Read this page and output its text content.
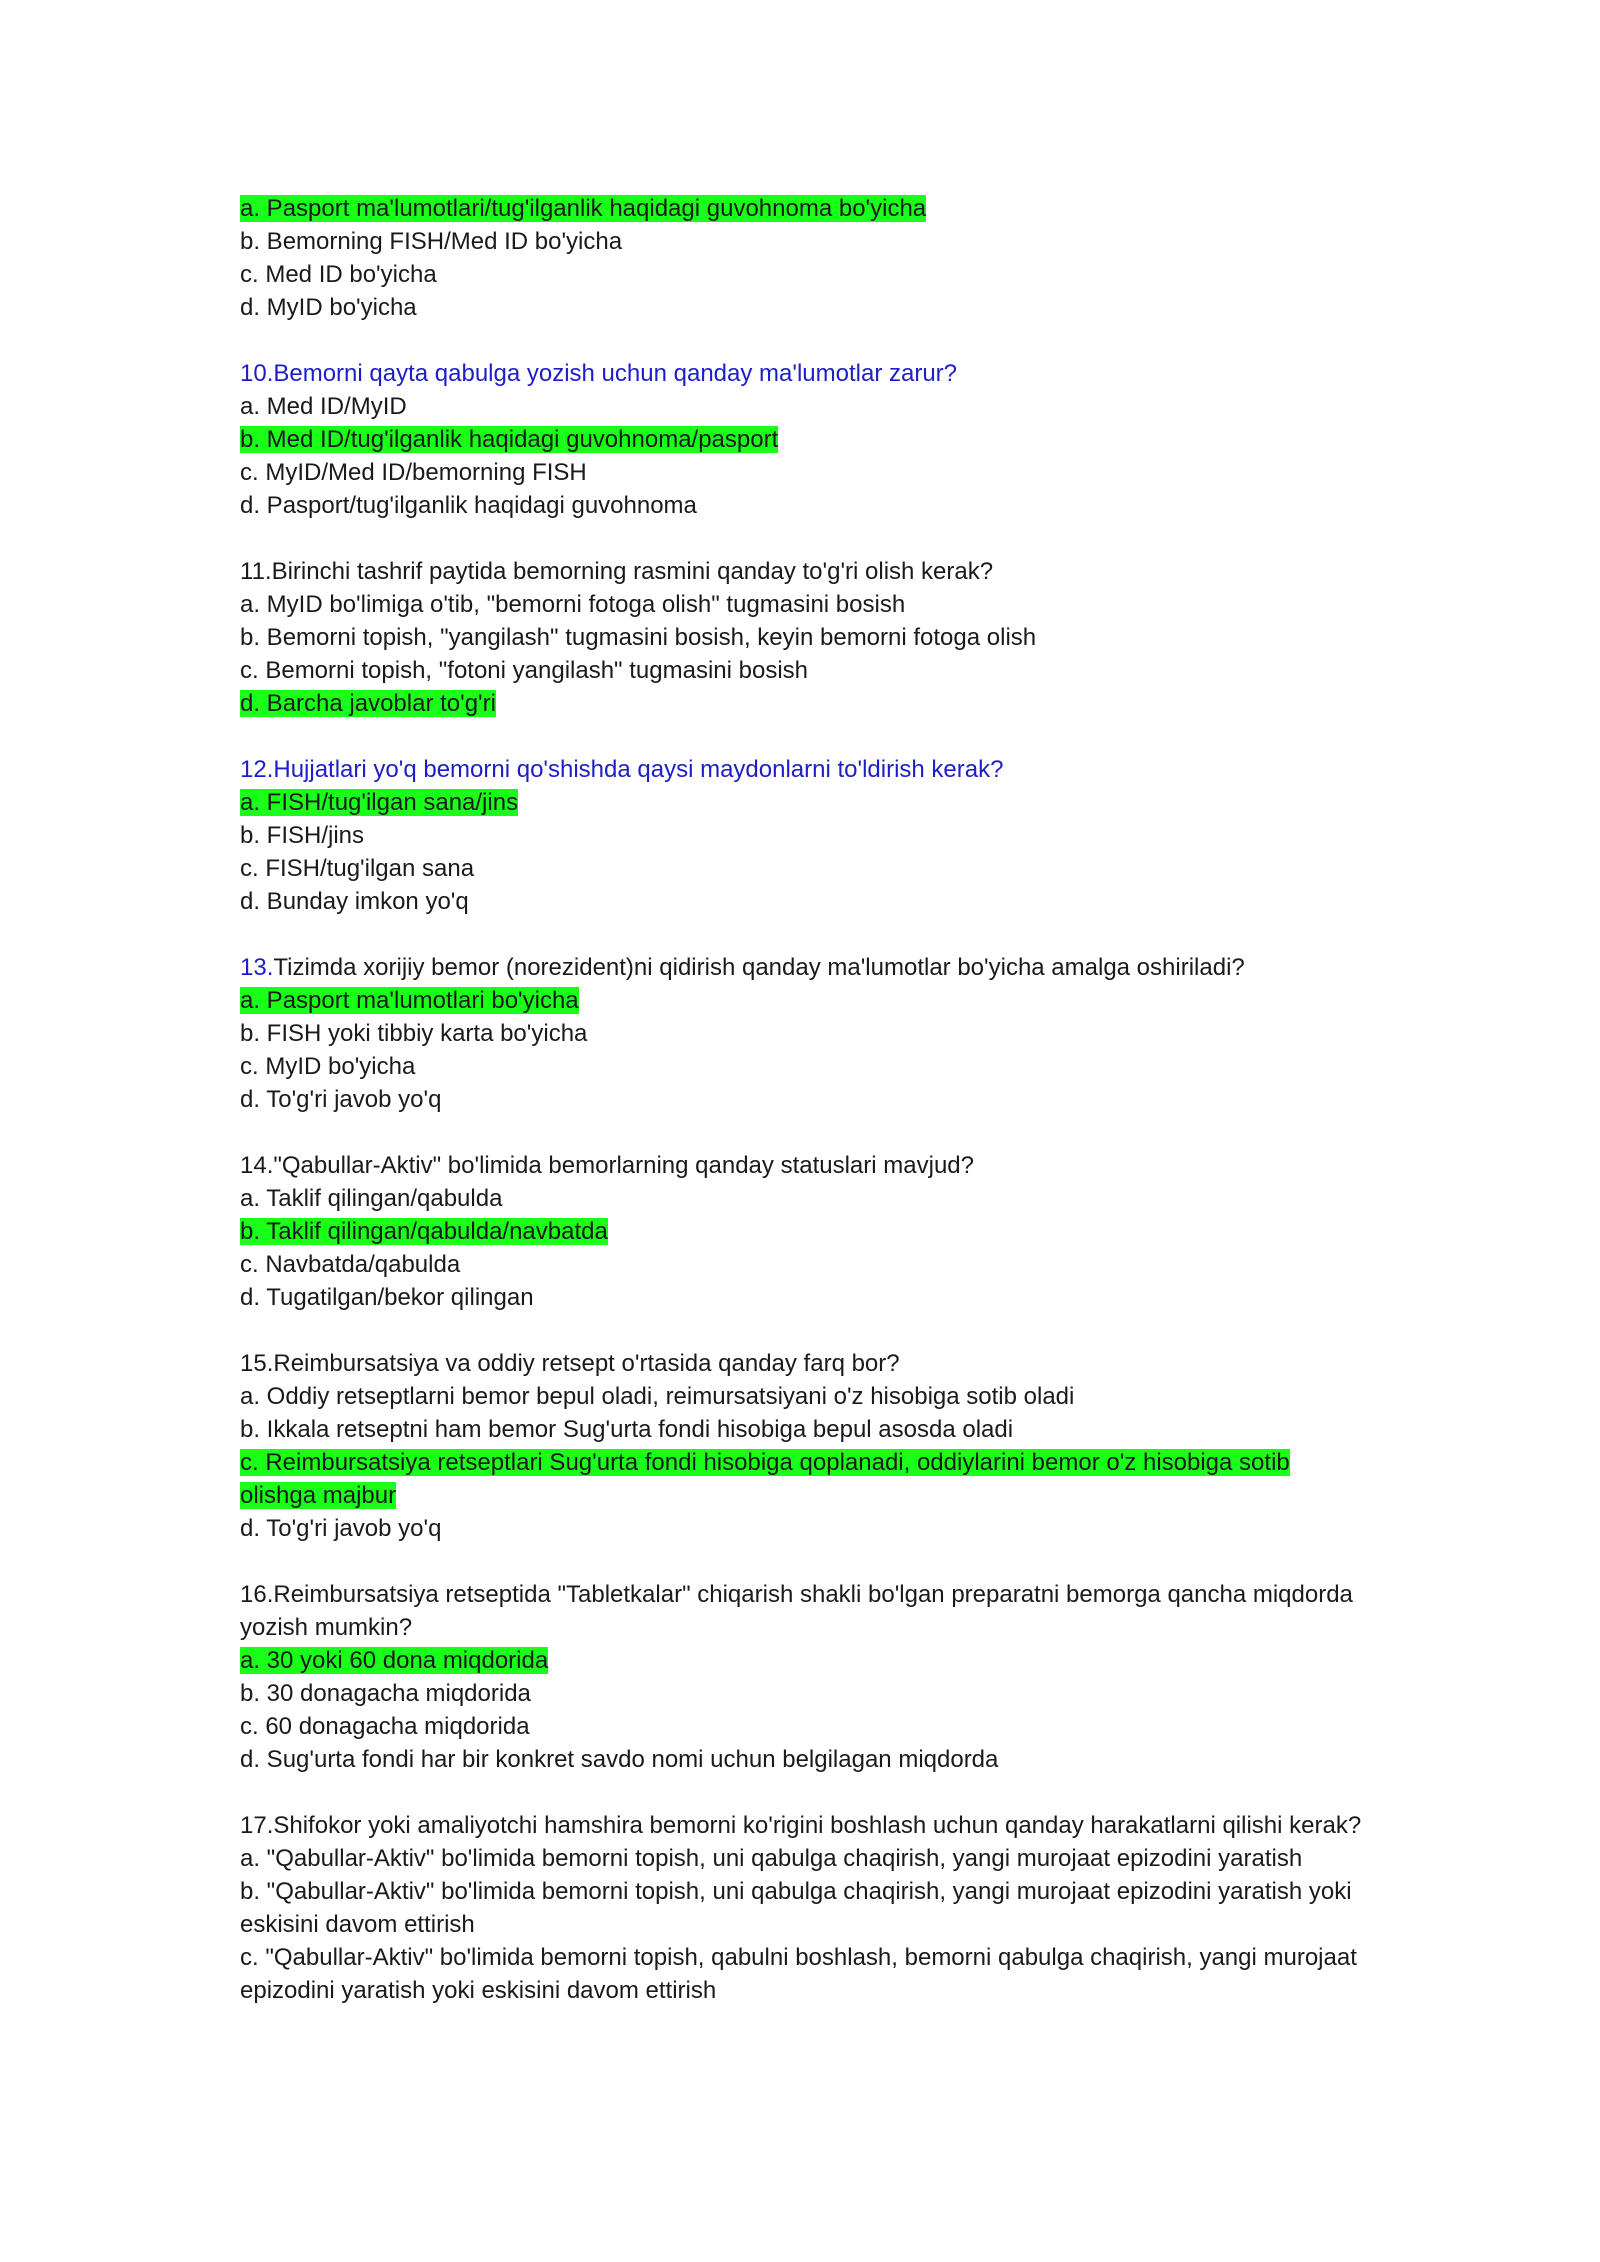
a. Pasport ma'lumotlari/tug'ilganlik haqidagi guvohnoma bo'yicha

b. Bemorning FISH/Med ID bo'yicha

c. Med ID bo'yicha

d. MyID bo'yicha

10.Bemorni qayta qabulga yozish uchun qanday ma'lumotlar zarur?

a. Med ID/MyID

b. Med ID/tug'ilganlik haqidagi guvohnoma/pasport

c. MyID/Med ID/bemorning FISH

d. Pasport/tug'ilganlik haqidagi guvohnoma

11.Birinchi tashrif paytida bemorning rasmini qanday to'g'ri olish kerak?

a. MyID bo'limiga o'tib, "bemorni fotoga olish" tugmasini bosish

b. Bemorni topish, "yangilash" tugmasini bosish, keyin bemorni fotoga olish

c. Bemorni topish, "fotoni yangilash" tugmasini bosish

d. Barcha javoblar to'g'ri

12.Hujjatlari yo'q bemorni qo'shishda qaysi maydonlarni to'ldirish kerak?

a. FISH/tug'ilgan sana/jins

b. FISH/jins

c. FISH/tug'ilgan sana

d. Bunday imkon yo'q

13.Tizimda xorijiy bemor (norezident)ni qidirish qanday ma'lumotlar bo'yicha amalga oshiriladi?

a. Pasport ma'lumotlari bo'yicha

b. FISH yoki tibbiy karta bo'yicha

c. MyID bo'yicha

d. To'g'ri javob yo'q

14."Qabullar-Aktiv" bo'limida bemorlarning qanday statuslari mavjud?

a. Taklif qilingan/qabulda

b. Taklif qilingan/qabulda/navbatda

c. Navbatda/qabulda

d. Tugatilgan/bekor qilingan

15.Reimbursatsiya va oddiy retsept o'rtasida qanday farq bor?

a. Oddiy retseptlarni bemor bepul oladi, reimursatsiyani o'z hisobiga sotib oladi

b. Ikkala retseptni ham bemor Sug'urta fondi hisobiga bepul asosda oladi

c. Reimbursatsiya retseptlari Sug'urta fondi hisobiga qoplanadi, oddiylarini bemor o'z hisobiga sotib olishga majbur

d. To'g'ri javob yo'q

16.Reimbursatsiya retseptida "Tabletkalar" chiqarish shakli bo'lgan preparatni bemorga qancha miqdorda yozish mumkin?

a. 30 yoki 60 dona miqdorida

b. 30 donagacha miqdorida

c. 60 donagacha miqdorida

d. Sug'urta fondi har bir konkret savdo nomi uchun belgilagan miqdorda

17.Shifokor yoki amaliyotchi hamshira bemorni ko'rigini boshlash uchun qanday harakatlarni qilishi kerak?

a. "Qabullar-Aktiv" bo'limida bemorni topish, uni qabulga chaqirish, yangi murojaat epizodini yaratish

b. "Qabullar-Aktiv" bo'limida bemorni topish, uni qabulga chaqirish, yangi murojaat epizodini yaratish yoki eskisini davom ettirish

c. "Qabullar-Aktiv" bo'limida bemorni topish, qabulni boshlash, bemorni qabulga chaqirish, yangi murojaat epizodini yaratish yoki eskisini davom ettirish
